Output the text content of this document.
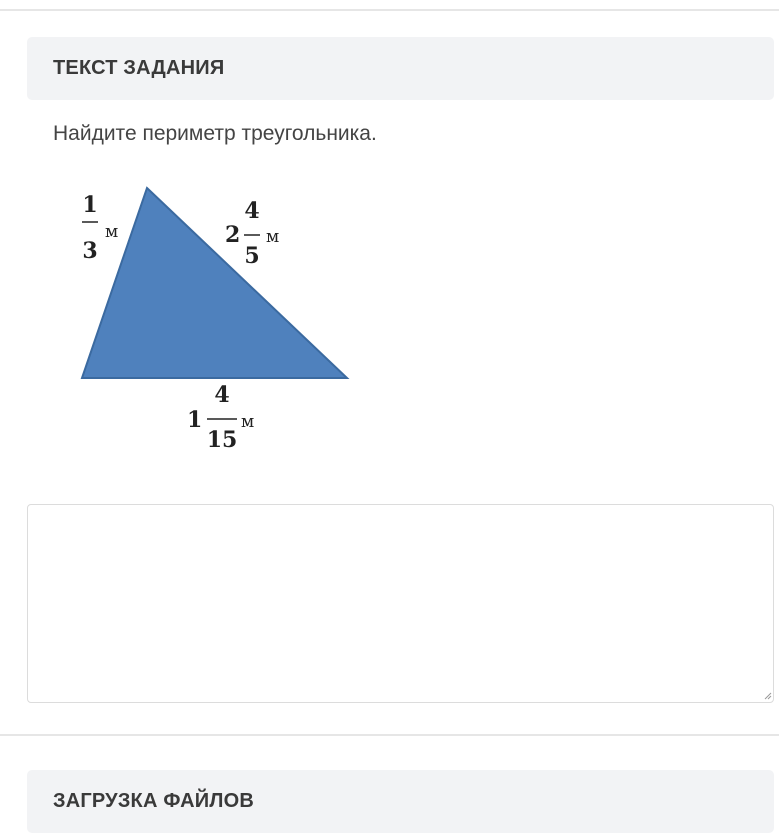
ТЕКСТ ЗАДАНИЯ
Найдите периметр треугольника.
1
3
м	2
4
5
м
1
4
15
м
ЗАГРУЗКА ФАЙЛОВ
